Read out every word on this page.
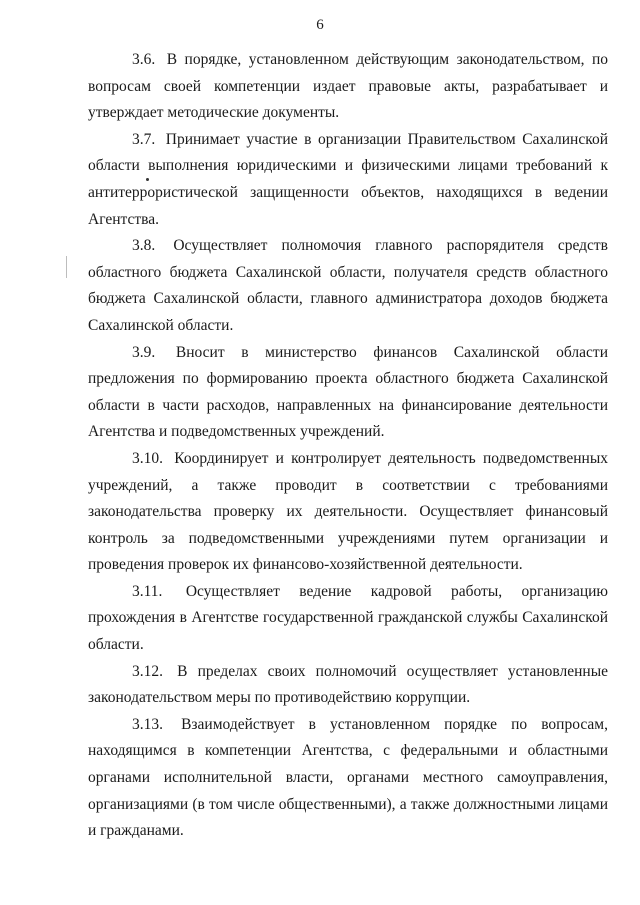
6

3.6. В порядке, установленном действующим законодательством, по вопросам своей компетенции издает правовые акты, разрабатывает и утверждает методические документы.

3.7. Принимает участие в организации Правительством Сахалинской области выполнения юридическими и физическими лицами требований к антитеррористической защищенности объектов, находящихся в ведении Агентства.

3.8. Осуществляет полномочия главного распорядителя средств областного бюджета Сахалинской области, получателя средств областного бюджета Сахалинской области, главного администратора доходов бюджета Сахалинской области.

3.9. Вносит в министерство финансов Сахалинской области предложения по формированию проекта областного бюджета Сахалинской области в части расходов, направленных на финансирование деятельности Агентства и подведомственных учреждений.

3.10. Координирует и контролирует деятельность подведомственных учреждений, а также проводит в соответствии с требованиями законодательства проверку их деятельности. Осуществляет финансовый контроль за подведомственными учреждениями путем организации и проведения проверок их финансово-хозяйственной деятельности.

3.11. Осуществляет ведение кадровой работы, организацию прохождения в Агентстве государственной гражданской службы Сахалинской области.

3.12. В пределах своих полномочий осуществляет установленные законодательством меры по противодействию коррупции.

3.13. Взаимодействует в установленном порядке по вопросам, находящимся в компетенции Агентства, с федеральными и областными органами исполнительной власти, органами местного самоуправления, организациями (в том числе общественными), а также должностными лицами и гражданами.
